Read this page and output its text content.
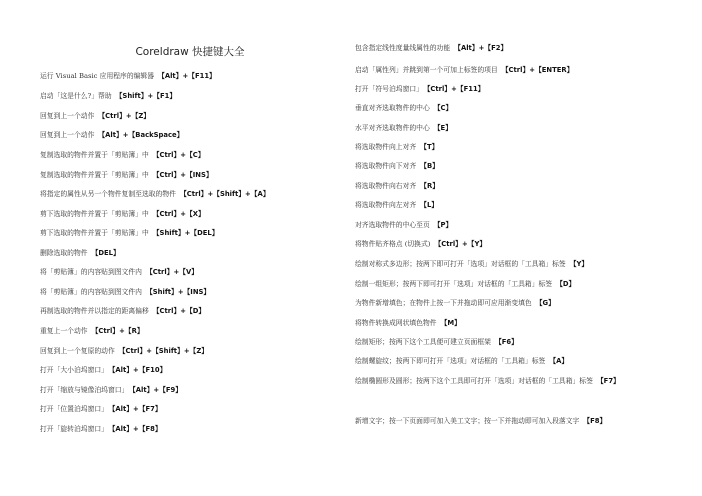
Coreldraw 快捷键大全
运行 Visual Basic 应用程序的编辑器 【Alt】+【F11】
启动「这是什么?」帮助 【Shift】+【F1】
回复到上一个动作 【Ctrl】+【Z】
回复到上一个动作 【Alt】+【BackSpace】
复制选取的物件并置于「剪贴簿」中 【Ctrl】+【C】
复制选取的物件并置于「剪贴簿」中 【Ctrl】+【INS】
将指定的属性从另一个物件复制至选取的物件 【Ctrl】+【Shift】+【A】
剪下选取的物件并置于「剪贴簿」中 【Ctrl】+【X】
剪下选取的物件并置于「剪贴簿」中 【Shift】+【DEL】
删除选取的物件 【DEL】
将「剪贴簿」的内容贴到图文件内 【Ctrl】+【V】
将「剪贴簿」的内容贴到图文件内 【Shift】+【INS】
再制选取的物件并以指定的距离偏移 【Ctrl】+【D】
重复上一个动作 【Ctrl】+【R】
回复到上一个复原的动作 【Ctrl】+【Shift】+【Z】
打开「大小泊坞窗口」 【Alt】+【F10】
打开「缩放与镜像泊坞窗口」 【Alt】+【F9】
打开「位置泊坞窗口」 【Alt】+【F7】
打开「旋转泊坞窗口」 【Alt】+【F8】
包含指定线性度量线属性的功能 【Alt】+【F2】
启动「属性列」并跳到第一个可加上标签的项目 【Ctrl】+【ENTER】
打开「符号泊坞窗口」 【Ctrl】+【F11】
垂直对齐选取物件的中心 【C】
水平对齐选取物件的中心 【E】
将选取物件向上对齐 【T】
将选取物件向下对齐 【B】
将选取物件向右对齐 【R】
将选取物件向左对齐 【L】
对齐选取物件的中心至页 【P】
将物件贴齐格点 (切换式) 【Ctrl】+【Y】
绘制对称式多边形；按两下即可打开「选项」对话框的「工具箱」标签 【Y】
绘制一组矩形；按两下即可打开「选项」对话框的「工具箱」标签 【D】
为物件新增填色；在物件上按一下并拖动即可应用渐变填色 【G】
将物件转换成网状填色物件 【M】
绘制矩形；按两下这个工具便可建立页面框架 【F6】
绘制螺旋纹；按两下即可打开「选项」对话框的「工具箱」标签 【A】
绘制椭圆形及圆形；按两下这个工具即可打开「选项」对话框的「工具箱」标签 【F7】
新增文字；按一下页面即可加入美工文字；按一下并拖动即可加入段落文字 【F8】
